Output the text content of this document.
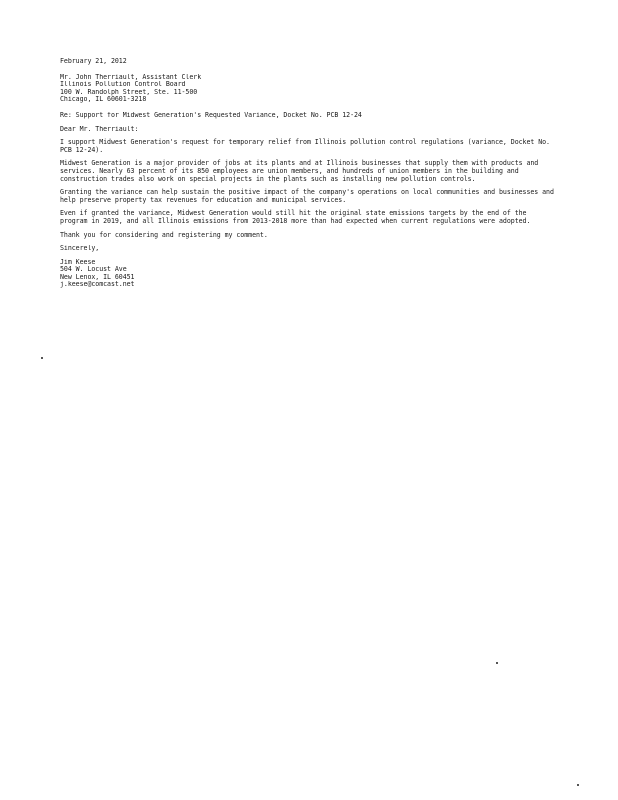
February 21, 2012
Mr. John Therriault, Assistant Clerk
Illinois Pollution Control Board
100 W. Randolph Street, Ste. 11-500
Chicago, IL 60601-3218
Re: Support for Midwest Generation's Requested Variance, Docket No. PCB 12-24
Dear Mr. Therriault:

I support Midwest Generation's request for temporary relief from Illinois pollution control regulations (variance, Docket No. PCB 12-24).

Midwest Generation is a major provider of jobs at its plants and at Illinois businesses that supply them with products and services. Nearly 63 percent of its 850 employees are union members, and hundreds of union members in the building and construction trades also work on special projects in the plants such as installing new pollution controls.

Granting the variance can help sustain the positive impact of the company's operations on local communities and businesses and help preserve property tax revenues for education and municipal services.

Even if granted the variance, Midwest Generation would still hit the original state emissions targets by the end of the program in 2019, and all Illinois emissions from 2013-2018 more than had expected when current regulations were adopted.

Thank you for considering and registering my comment.

Sincerely,
Jim Keese
504 W. Locust Ave
New Lenox, IL 60451
j.keese@comcast.net
